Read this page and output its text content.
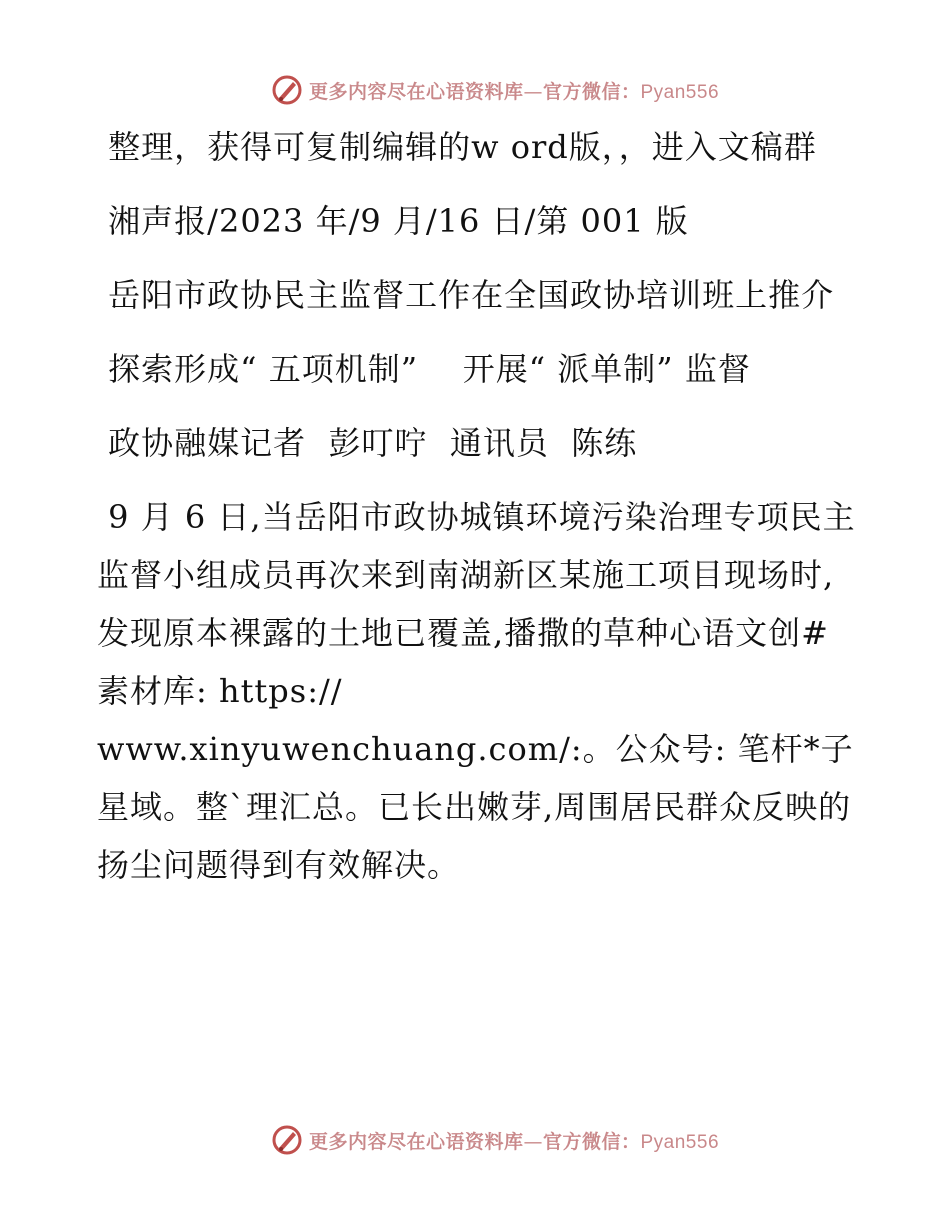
更多内容尽在心语资料库—官方微信：Pyan556

整理，获得可复制编辑的w ord版，，进入文稿群

湘声报/2023 年/9 月/16 日/第 001 版

岳阳市政协民主监督工作在全国政协培训班上推介

探索形成“ 五项机制”    开展“ 派单制” 监督

政协融媒记者  彭叮咛  通讯员  陈练

9 月 6 日,当岳阳市政协城镇环境污染治理专项民主监督小组成员再次来到南湖新区某施工项目现场时,发现原本裸露的土地已覆盖,播撒的草种心语文创#素材库: https://

www.xinyuwenchuang.com/:。公众号: 笔杆*子星域。整`理汇总。已长出嫩芽,周围居民群众反映的扬尘问题得到有效解决。

更多内容尽在心语资料库—官方微信：Pyan556
